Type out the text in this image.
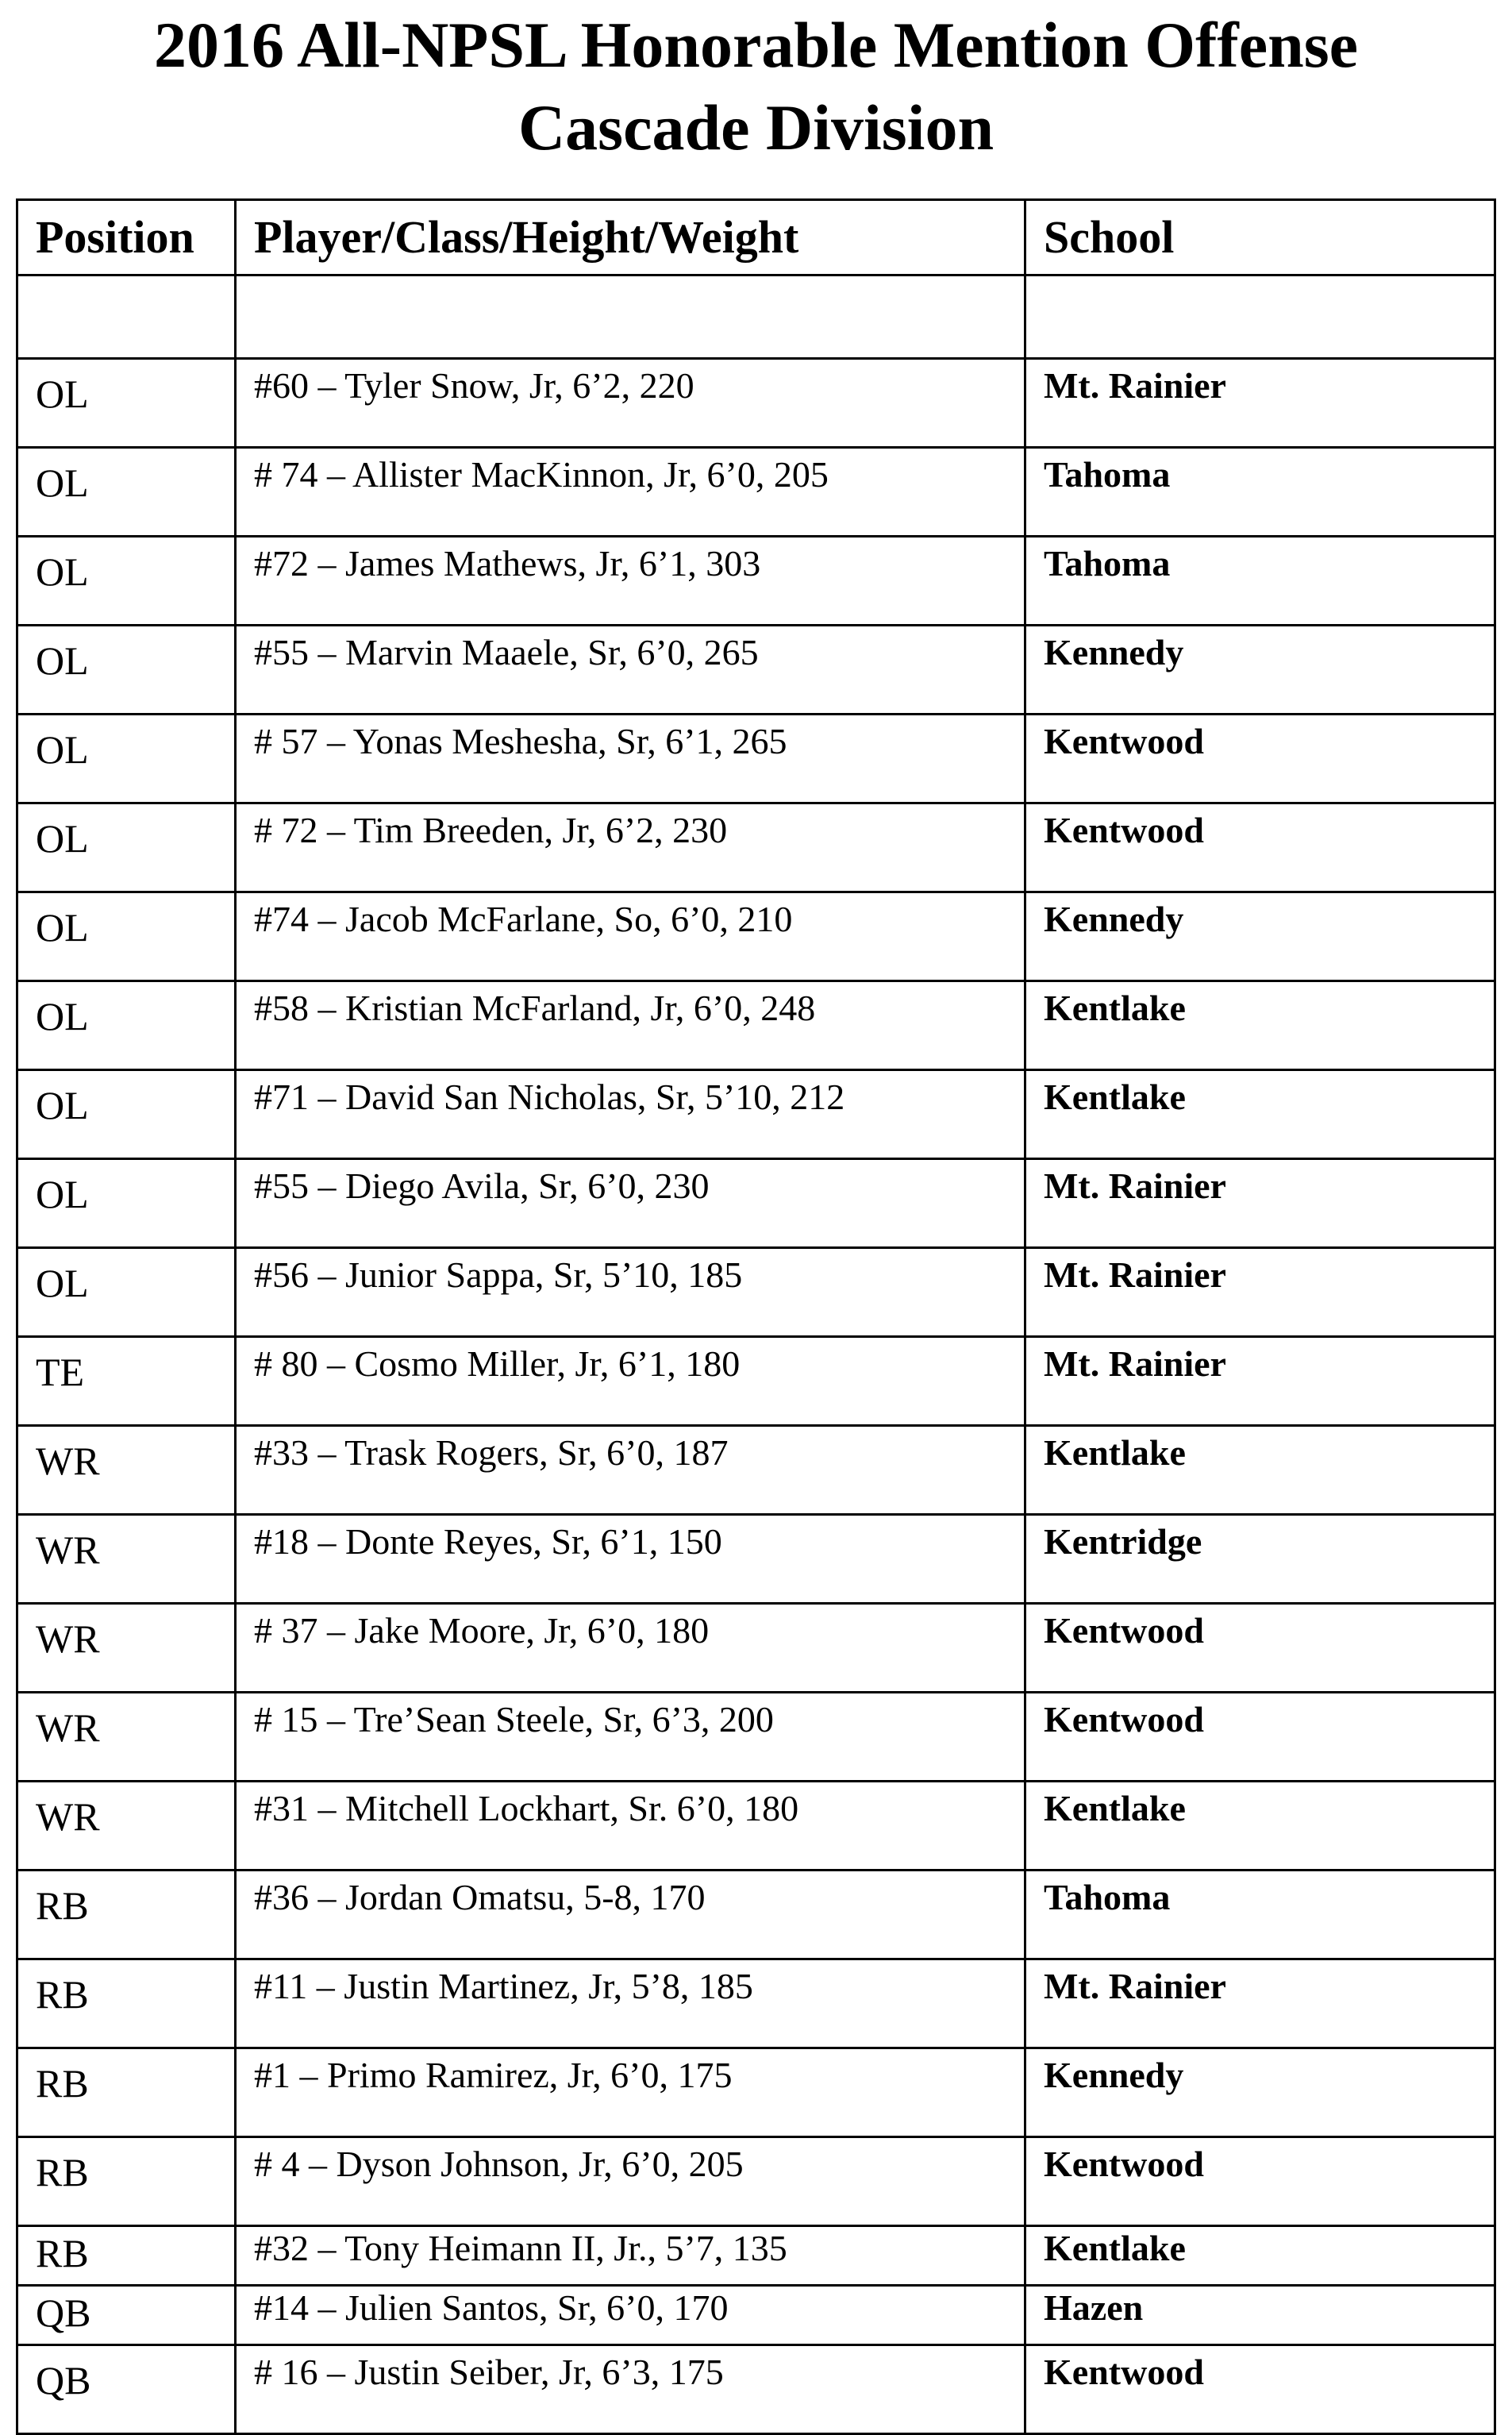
2016 All-NPSL Honorable Mention Offense
Cascade Division
Position	Player/Class/Height/Weight	School

OL	#60 – Tyler Snow, Jr, 6’2, 220	Mt. Rainier
OL	# 74 – Allister MacKinnon, Jr, 6’0, 205	Tahoma
OL	#72 – James Mathews, Jr, 6’1, 303	Tahoma
OL	#55 – Marvin Maaele, Sr, 6’0, 265	Kennedy
OL	# 57 – Yonas Meshesha, Sr, 6’1, 265	Kentwood
OL	# 72 – Tim Breeden, Jr, 6’2, 230	Kentwood
OL	#74 – Jacob McFarlane, So, 6’0, 210	Kennedy
OL	#58 – Kristian McFarland, Jr, 6’0, 248	Kentlake
OL	#71 – David San Nicholas, Sr, 5’10, 212	Kentlake
OL	#55 – Diego Avila, Sr, 6’0, 230	Mt. Rainier
OL	#56 – Junior Sappa, Sr, 5’10, 185	Mt. Rainier
TE	# 80 – Cosmo Miller, Jr, 6’1, 180	Mt. Rainier
WR	#33 – Trask Rogers, Sr, 6’0, 187	Kentlake
WR	#18 – Donte Reyes, Sr, 6’1, 150	Kentridge
WR	# 37 – Jake Moore, Jr, 6’0, 180	Kentwood
WR	# 15 – Tre’Sean Steele, Sr, 6’3, 200	Kentwood
WR	#31 – Mitchell Lockhart, Sr. 6’0, 180	Kentlake
RB	#36 – Jordan Omatsu, 5-8, 170	Tahoma
RB	#11 – Justin Martinez, Jr, 5’8, 185	Mt. Rainier
RB	#1 – Primo Ramirez, Jr, 6’0, 175	Kennedy
RB	# 4 – Dyson Johnson, Jr, 6’0, 205	Kentwood
RB	#32 – Tony Heimann II, Jr., 5’7, 135	Kentlake
QB	#14 – Julien Santos, Sr, 6’0, 170	Hazen
QB	# 16 – Justin Seiber, Jr, 6’3, 175	Kentwood
